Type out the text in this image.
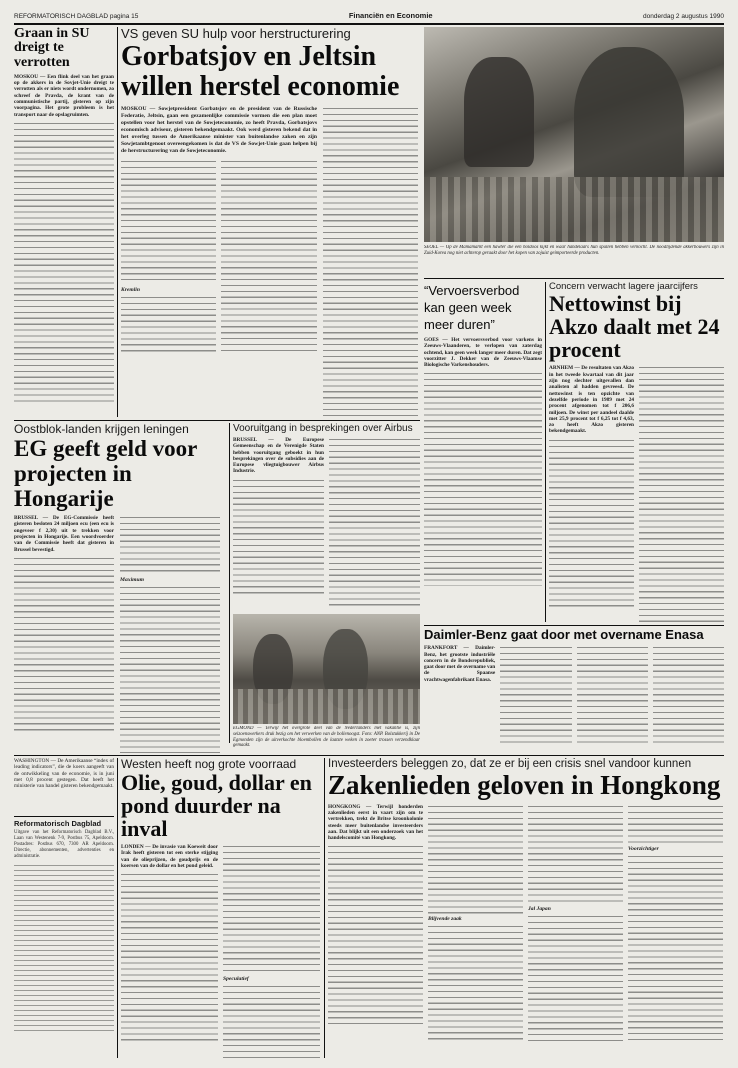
REFORMATORISCH DAGBLAD pagina 15	Financiën en Economie	donderdag 2 augustus 1990
Graan in SU dreigt te verrotten
MOSKOU — Een flink deel van het graan op de akkers in de Sovjet-Unie dreigt te verrotten als er niets wordt ondernomen, zo schreef de Pravda, de krant van de communistische partij, gisteren op zijn voorpagina. Het grote probleem is het transport naar de opslagruimten.
VS geven SU hulp voor herstructurering
Gorbatsjov en Jeltsin willen herstel economie
MOSKOU — Sowjetpresident Gorbatsjov en de president van de Russische Federatie, Jeltsin, gaan een gezamenlijke commissie vormen die een plan moet opstellen voor het herstel van de Sowjeteconomie, zo heeft Pravda, Gorbatsjovs economisch adviseur, gisteren bekendgemaakt. Ook werd gisteren bekend dat in het overleg tussen de Amerikaanse minister van buitenlandse zaken en zijn Sowjetambtgenoot overeengekomen is dat de VS de Sowjet-Unie gaan helpen bij de herstructurering van de Sowjeteconomie.
Kremlin
SEOEL — Op de Mamamarkt een hawter die een holdoos kijkt en waar handelaars hun spullen hebben verkocht. De noodlijdende akkerbouwers zijn in Zuid-Korea nog niet achterop geraakt door het kopen van zojuist geimporteerde producten.
“Vervoersverbod kan geen week meer duren”
GOES — Het vervoersverbod voor varkens in Zeeuws-Vlaanderen, te verlopen van zaterdag ochtend, kan geen week langer meer duren. Dat zegt voorzitter J. Dekker van de Zeeuws-Vlaamse Biologische Varkenshouders.
Concern verwacht lagere jaarcijfers
Nettowinst bij Akzo daalt met 24 procent
ARNHEM — De resultaten van Akzo in het tweede kwartaal van dit jaar zijn nog slechter uitgevallen dan analisten al hadden gevreesd. De nettowinst is ten opzichte van dezelfde periode in 1989 met 24 procent afgenomen tot f 206,6 miljoen. De winst per aandeel daalde met 25,9 procent tot f 6,25 tot f 4,63, zo heeft Akzo gisteren bekendgemaakt.
Oostblok-landen krijgen leningen
EG geeft geld voor projecten in Hongarije
BRUSSEL — De EG-Commissie heeft gisteren besloten 24 miljoen ecu (een ecu is ongeveer f 2,30) uit te trekken voor projecten in Hongarije. Een woordvoerder van de Commissie heeft dat gisteren in Brussel bevestigd.
Maximum
Vooruitgang in besprekingen over Airbus
BRUSSEL — De Europese Gemeenschap en de Verenigde Staten hebben vooruitgang geboekt in hun besprekingen over de subsidies aan de Europese vliegtuigbouwer Airbus Industrie.
EGMOND — Terwijl het overgrote deel van de Nederlanders met vakantie is, zijn seizoenswerkers druk bezig om het verwerken van de bollenoogst. Foto: ANP. Bolstukkerij in De Egmonden zijn de uitverkochte bloembollen de laatste weken in zoeter trossen verzendklaar gemaakt.
Daimler-Benz gaat door met overname Enasa
FRANKFORT — Daimler-Benz, het grootste industriële concern in de Bondsrepubliek, gaat door met de overname van de Spaanse vrachtwagenfabrikant Enasa.
WASHINGTON — De Amerikaanse “index of leading indicators”, die de koers aangeeft van de ontwikkeling van de economie, is in juni met 0,8 procent gestegen. Dat heeft het ministerie van handel gisteren bekendgemaakt.
Reformatorisch Dagblad
Uitgave van het Reformatorisch Dagblad B.V., Laan van Westenenk 7-9, Postbus 75, Apeldoorn. Postadres: Postbus 670, 7300 AR Apeldoorn. Directie, abonnementen, advertenties en administratie.
Westen heeft nog grote voorraad
Olie, goud, dollar en pond duurder na inval
LONDEN — De invasie van Koeweit door Irak heeft gisteren tot een sterke stijging van de olieprijzen, de goudprijs en de koersen van de dollar en het pond geleid.
Speculatief
Investeerders beleggen zo, dat ze er bij een crisis snel vandoor kunnen
Zakenlieden geloven in Hongkong
HONGKONG — Terwijl honderden zakenlieden eerst in vaart zijn om te vertrekken, trekt de Britse kroonkolonie steeds meer buitenlandse investeerders aan. Dat blijkt uit een onderzoek van het handelscomité van Hongkong.
Blijvende zaak
Jal Japan
Voorzichtiger
